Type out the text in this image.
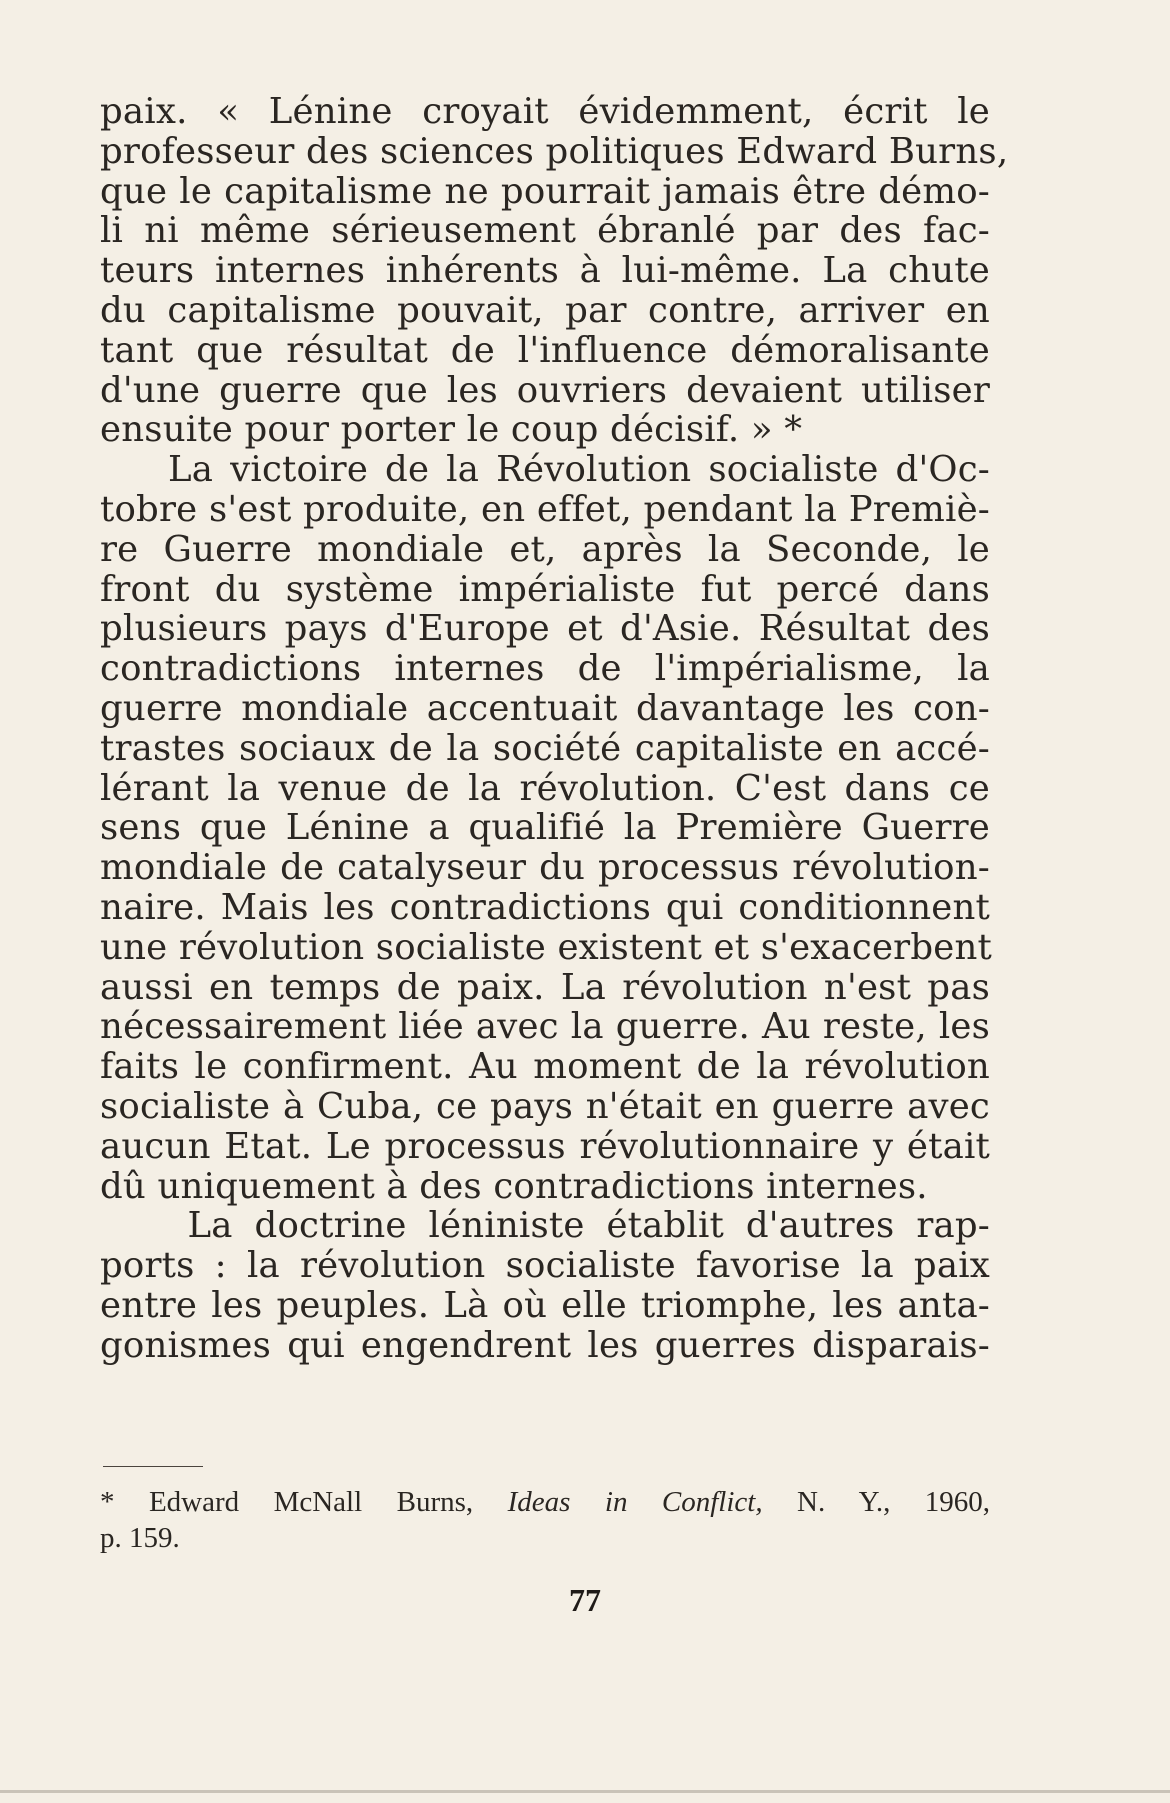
paix. « Lénine croyait évidemment, écrit le
professeur des sciences politiques Edward Burns,
que le capitalisme ne pourrait jamais être démo-
li ni même sérieusement ébranlé par des fac-
teurs internes inhérents à lui-même. La chute
du capitalisme pouvait, par contre, arriver en
tant que résultat de l'influence démoralisante
d'une guerre que les ouvriers devaient utiliser
ensuite pour porter le coup décisif. » *
La victoire de la Révolution socialiste d'Oc-
tobre s'est produite, en effet, pendant la Premiè-
re Guerre mondiale et, après la Seconde, le
front du système impérialiste fut percé dans
plusieurs pays d'Europe et d'Asie. Résultat des
contradictions internes de l'impérialisme, la
guerre mondiale accentuait davantage les con-
trastes sociaux de la société capitaliste en accé-
lérant la venue de la révolution. C'est dans ce
sens que Lénine a qualifié la Première Guerre
mondiale de catalyseur du processus révolution-
naire. Mais les contradictions qui conditionnent
une révolution socialiste existent et s'exacerbent
aussi en temps de paix. La révolution n'est pas
nécessairement liée avec la guerre. Au reste, les
faits le confirment. Au moment de la révolution
socialiste à Cuba, ce pays n'était en guerre avec
aucun Etat. Le processus révolutionnaire y était
dû uniquement à des contradictions internes.
La doctrine léniniste établit d'autres rap-
ports : la révolution socialiste favorise la paix
entre les peuples. Là où elle triomphe, les anta-
gonismes qui engendrent les guerres disparais-
* Edward McNall Burns, Ideas in Conflict, N. Y., 1960,
p. 159.
77
